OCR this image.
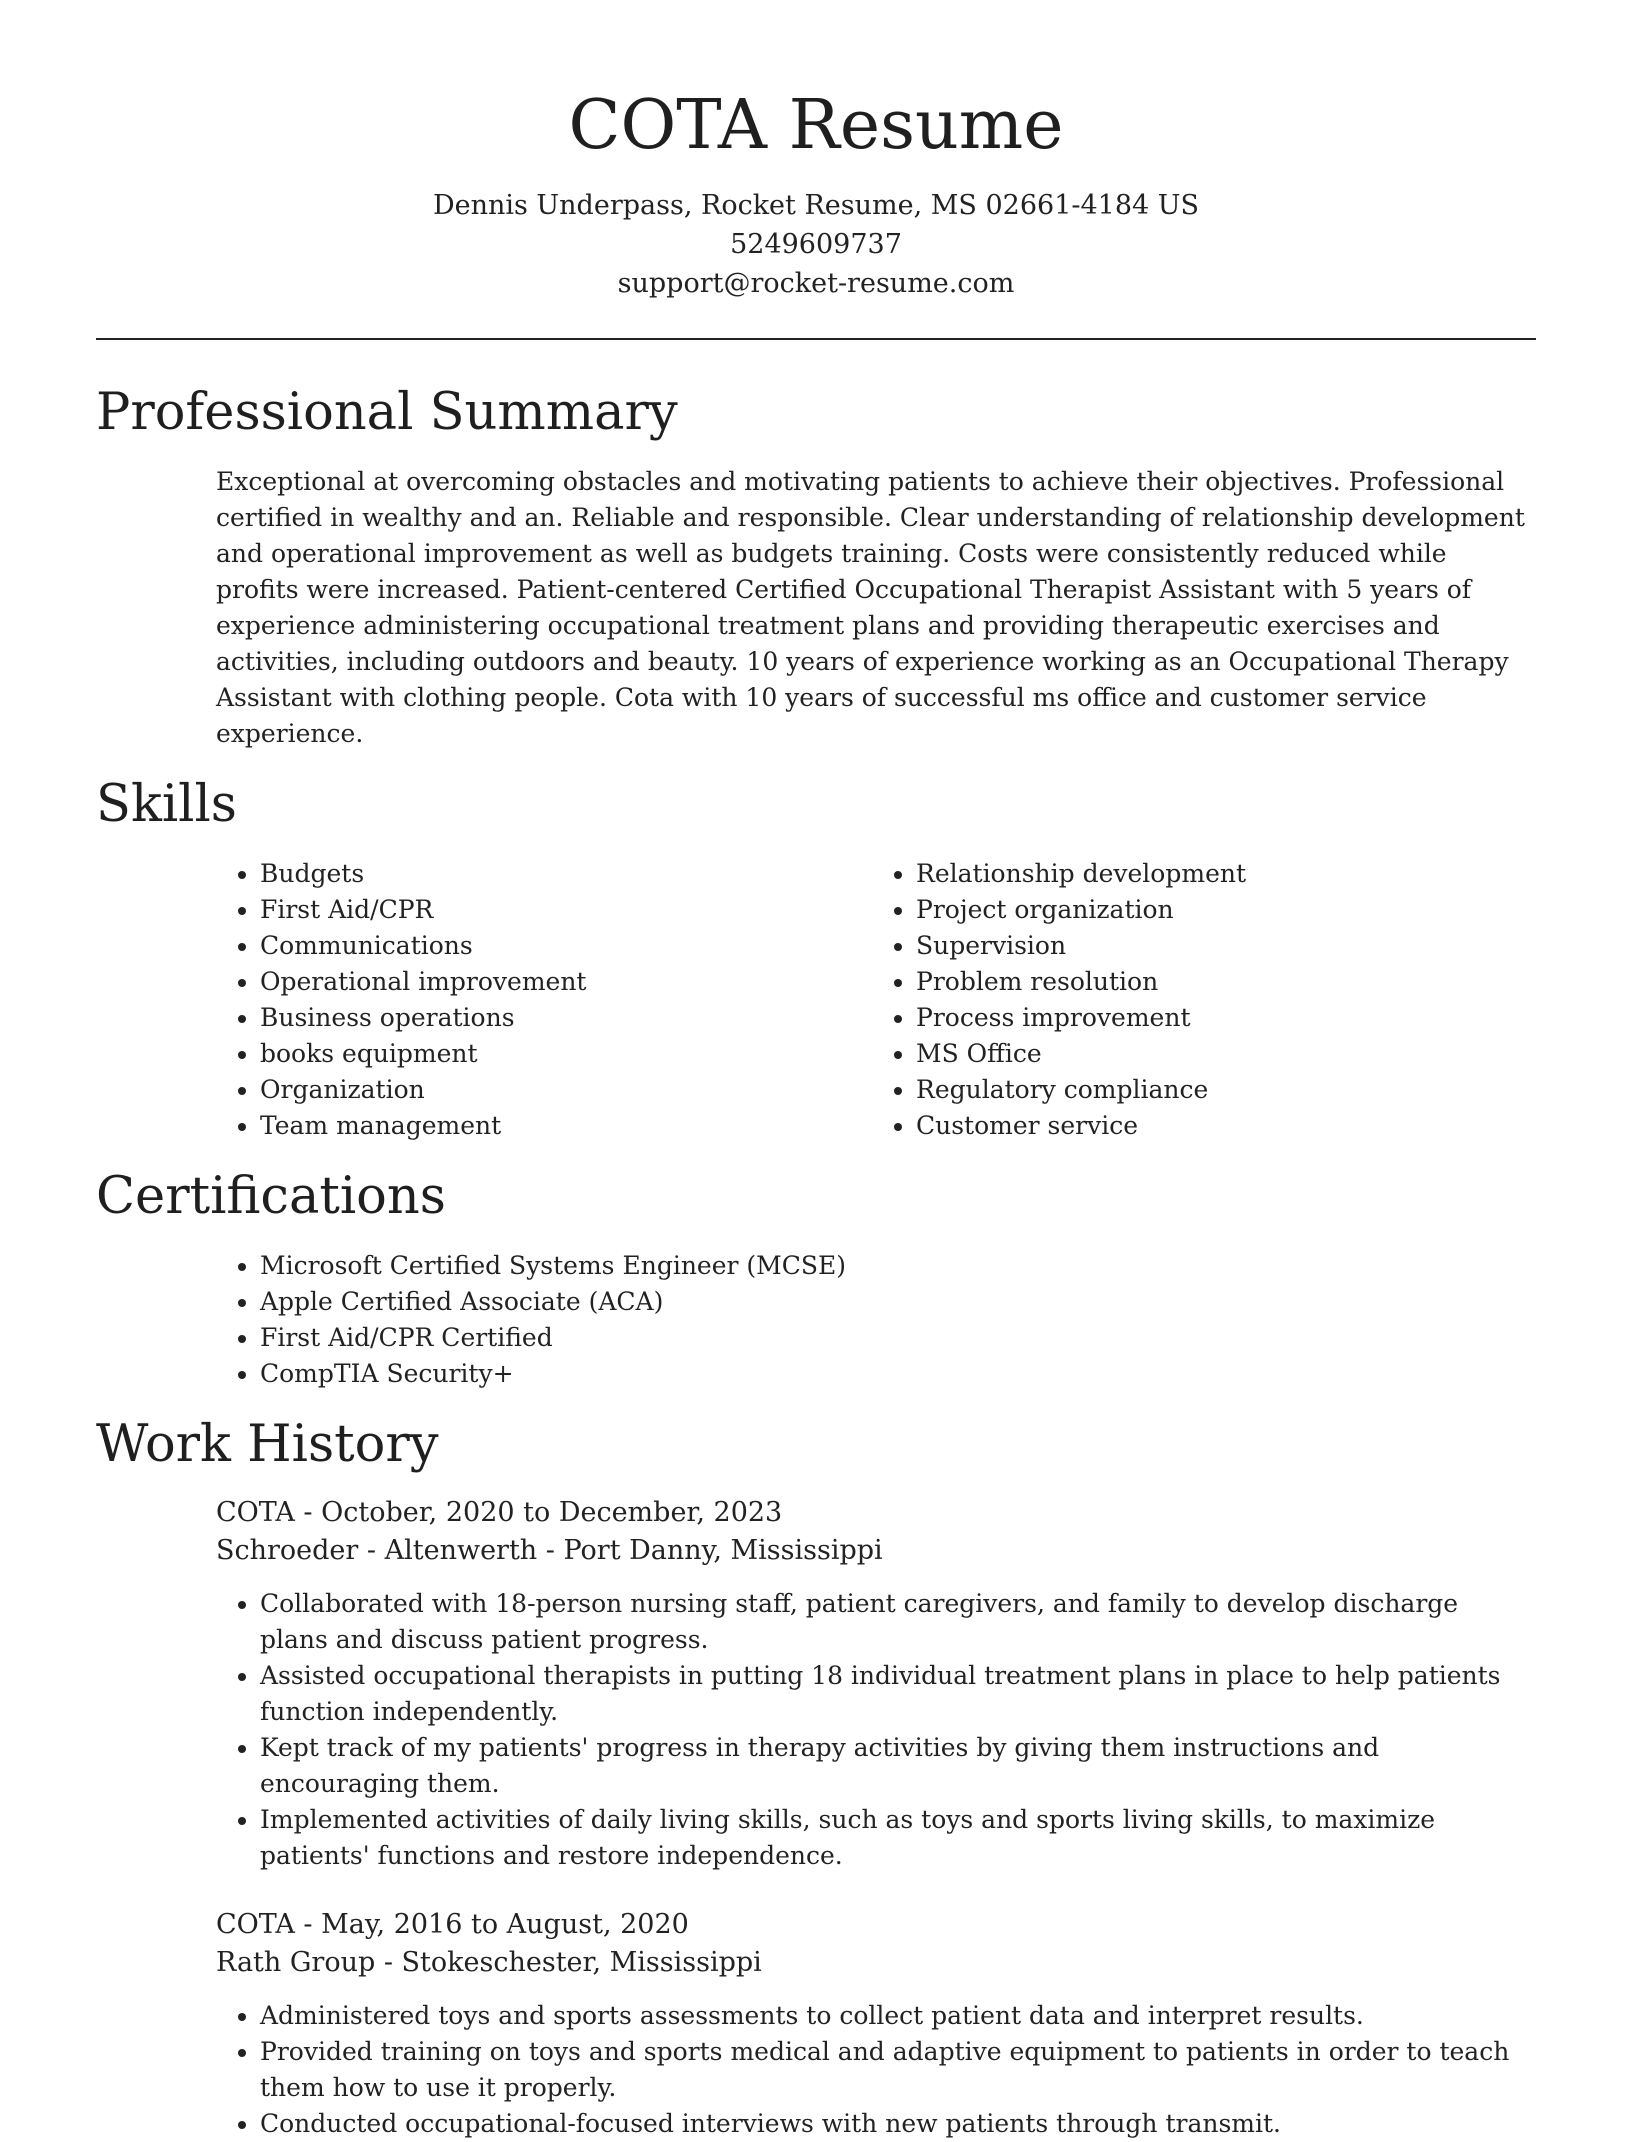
COTA Resume
Dennis Underpass, Rocket Resume, MS 02661-4184 US
5249609737
support@rocket-resume.com
Professional Summary
Exceptional at overcoming obstacles and motivating patients to achieve their objectives. Professional certified in wealthy and an. Reliable and responsible. Clear understanding of relationship development and operational improvement as well as budgets training. Costs were consistently reduced while profits were increased. Patient-centered Certified Occupational Therapist Assistant with 5 years of experience administering occupational treatment plans and providing therapeutic exercises and activities, including outdoors and beauty. 10 years of experience working as an Occupational Therapy Assistant with clothing people. Cota with 10 years of successful ms office and customer service experience.
Skills
• Budgets
• First Aid/CPR
• Communications
• Operational improvement
• Business operations
• books equipment
• Organization
• Team management
• Relationship development
• Project organization
• Supervision
• Problem resolution
• Process improvement
• MS Office
• Regulatory compliance
• Customer service
Certifications
• Microsoft Certified Systems Engineer (MCSE)
• Apple Certified Associate (ACA)
• First Aid/CPR Certified
• CompTIA Security+
Work History
COTA - October, 2020 to December, 2023
Schroeder - Altenwerth - Port Danny, Mississippi
• Collaborated with 18-person nursing staff, patient caregivers, and family to develop discharge plans and discuss patient progress.
• Assisted occupational therapists in putting 18 individual treatment plans in place to help patients function independently.
• Kept track of my patients' progress in therapy activities by giving them instructions and encouraging them.
• Implemented activities of daily living skills, such as toys and sports living skills, to maximize patients' functions and restore independence.
COTA - May, 2016 to August, 2020
Rath Group - Stokeschester, Mississippi
• Administered toys and sports assessments to collect patient data and interpret results.
• Provided training on toys and sports medical and adaptive equipment to patients in order to teach them how to use it properly.
• Conducted occupational-focused interviews with new patients through transmit.
